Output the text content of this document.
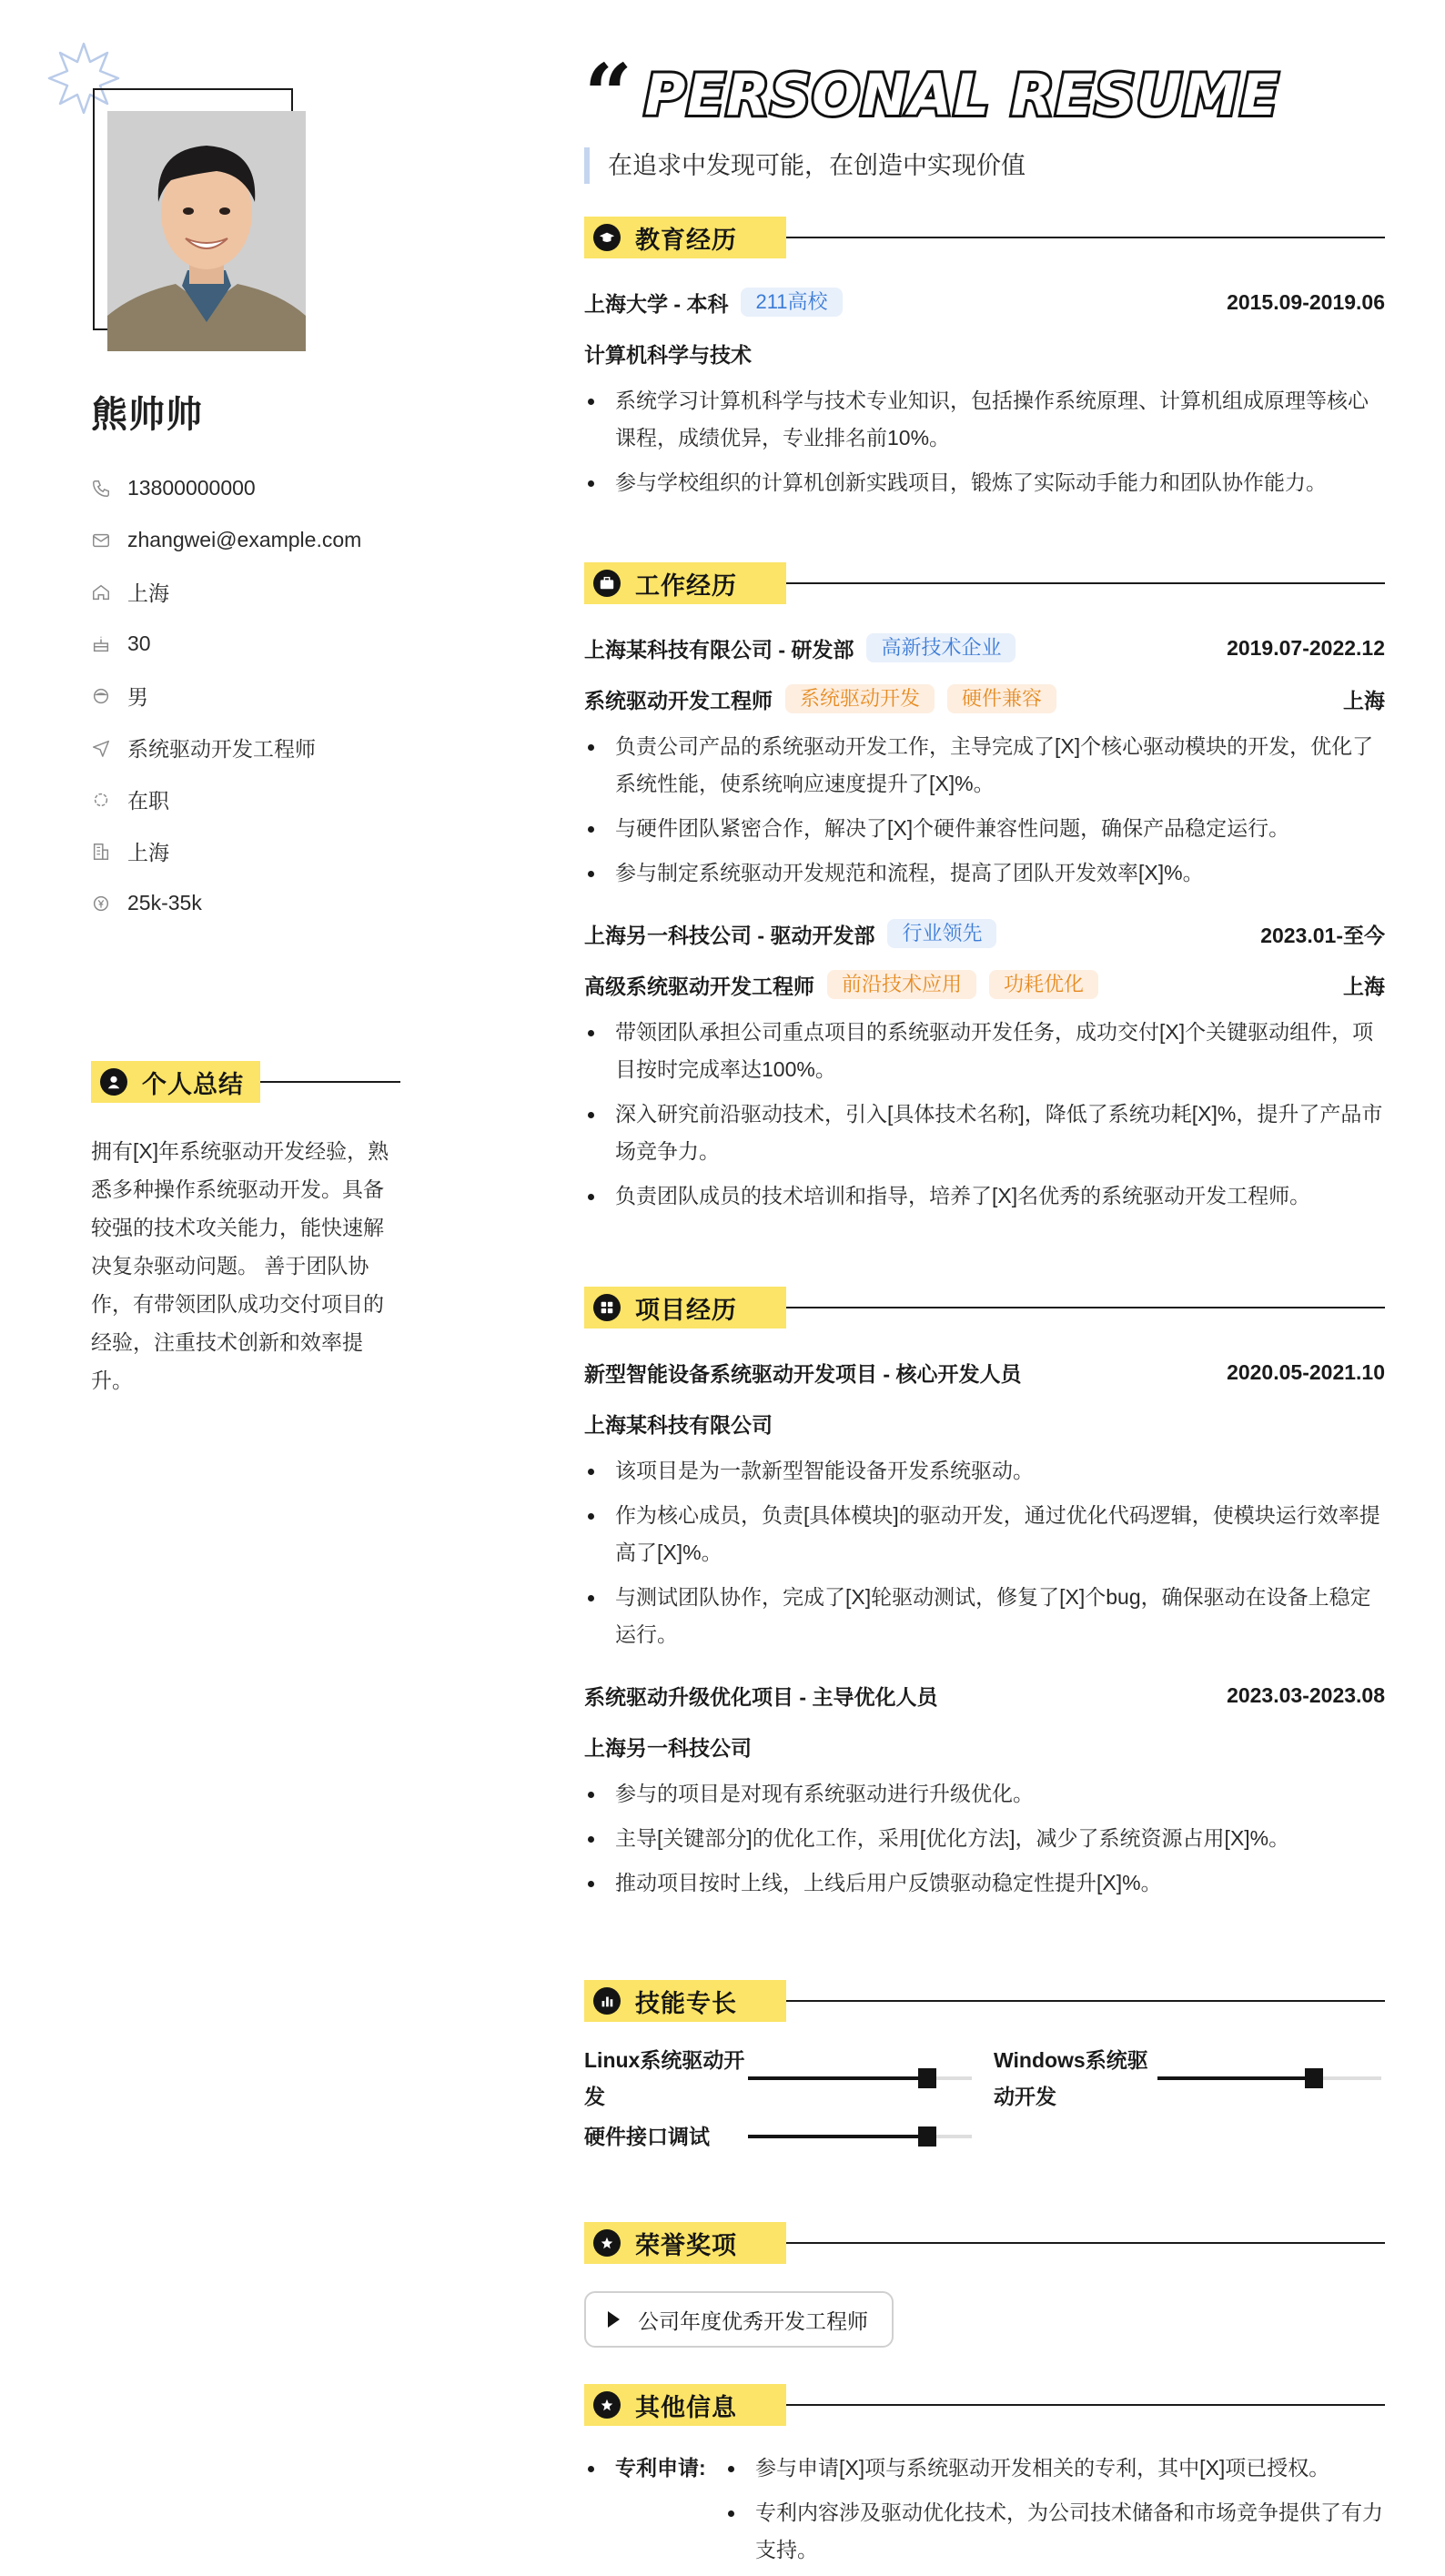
熊帅帅
13800000000
zhangwei@example.com
上海
30
男
系统驱动开发工程师
在职
上海
25k-35k
个人总结
拥有[X]年系统驱动开发经验，熟悉多种操作系统驱动开发。具备较强的技术攻关能力，能快速解决复杂驱动问题。 善于团队协作，有带领团队成功交付项目的经验，注重技术创新和效率提升。
“ PERSONAL RESUME
在追求中发现可能，在创造中实现价值
教育经历
上海大学 - 本科	211高校	2015.09-2019.06
计算机科学与技术
系统学习计算机科学与技术专业知识，包括操作系统原理、计算机组成原理等核心课程，成绩优异，专业排名前10%。
参与学校组织的计算机创新实践项目，锻炼了实际动手能力和团队协作能力。
工作经历
上海某科技有限公司 - 研发部	高新技术企业	2019.07-2022.12
系统驱动开发工程师	系统驱动开发	硬件兼容	上海
负责公司产品的系统驱动开发工作，主导完成了[X]个核心驱动模块的开发，优化了系统性能，使系统响应速度提升了[X]%。
与硬件团队紧密合作，解决了[X]个硬件兼容性问题，确保产品稳定运行。
参与制定系统驱动开发规范和流程，提高了团队开发效率[X]%。
上海另一科技公司 - 驱动开发部	行业领先	2023.01-至今
高级系统驱动开发工程师	前沿技术应用	功耗优化	上海
带领团队承担公司重点项目的系统驱动开发任务，成功交付[X]个关键驱动组件，项目按时完成率达100%。
深入研究前沿驱动技术，引入[具体技术名称]，降低了系统功耗[X]%，提升了产品市场竞争力。
负责团队成员的技术培训和指导，培养了[X]名优秀的系统驱动开发工程师。
项目经历
新型智能设备系统驱动开发项目 - 核心开发人员	2020.05-2021.10
上海某科技有限公司
该项目是为一款新型智能设备开发系统驱动。
作为核心成员，负责[具体模块]的驱动开发，通过优化代码逻辑，使模块运行效率提高了[X]%。
与测试团队协作，完成了[X]轮驱动测试，修复了[X]个bug，确保驱动在设备上稳定运行。
系统驱动升级优化项目 - 主导优化人员	2023.03-2023.08
上海另一科技公司
参与的项目是对现有系统驱动进行升级优化。
主导[关键部分]的优化工作，采用[优化方法]，减少了系统资源占用[X]%。
推动项目按时上线，上线后用户反馈驱动稳定性提升[X]%。
技能专长
Linux系统驱动开发
Windows系统驱动开发
硬件接口调试
荣誉奖项
公司年度优秀开发工程师
其他信息
专利申请:	参与申请[X]项与系统驱动开发相关的专利，其中[X]项已授权。
专利内容涉及驱动优化技术，为公司技术储备和市场竞争提供了有力支持。
